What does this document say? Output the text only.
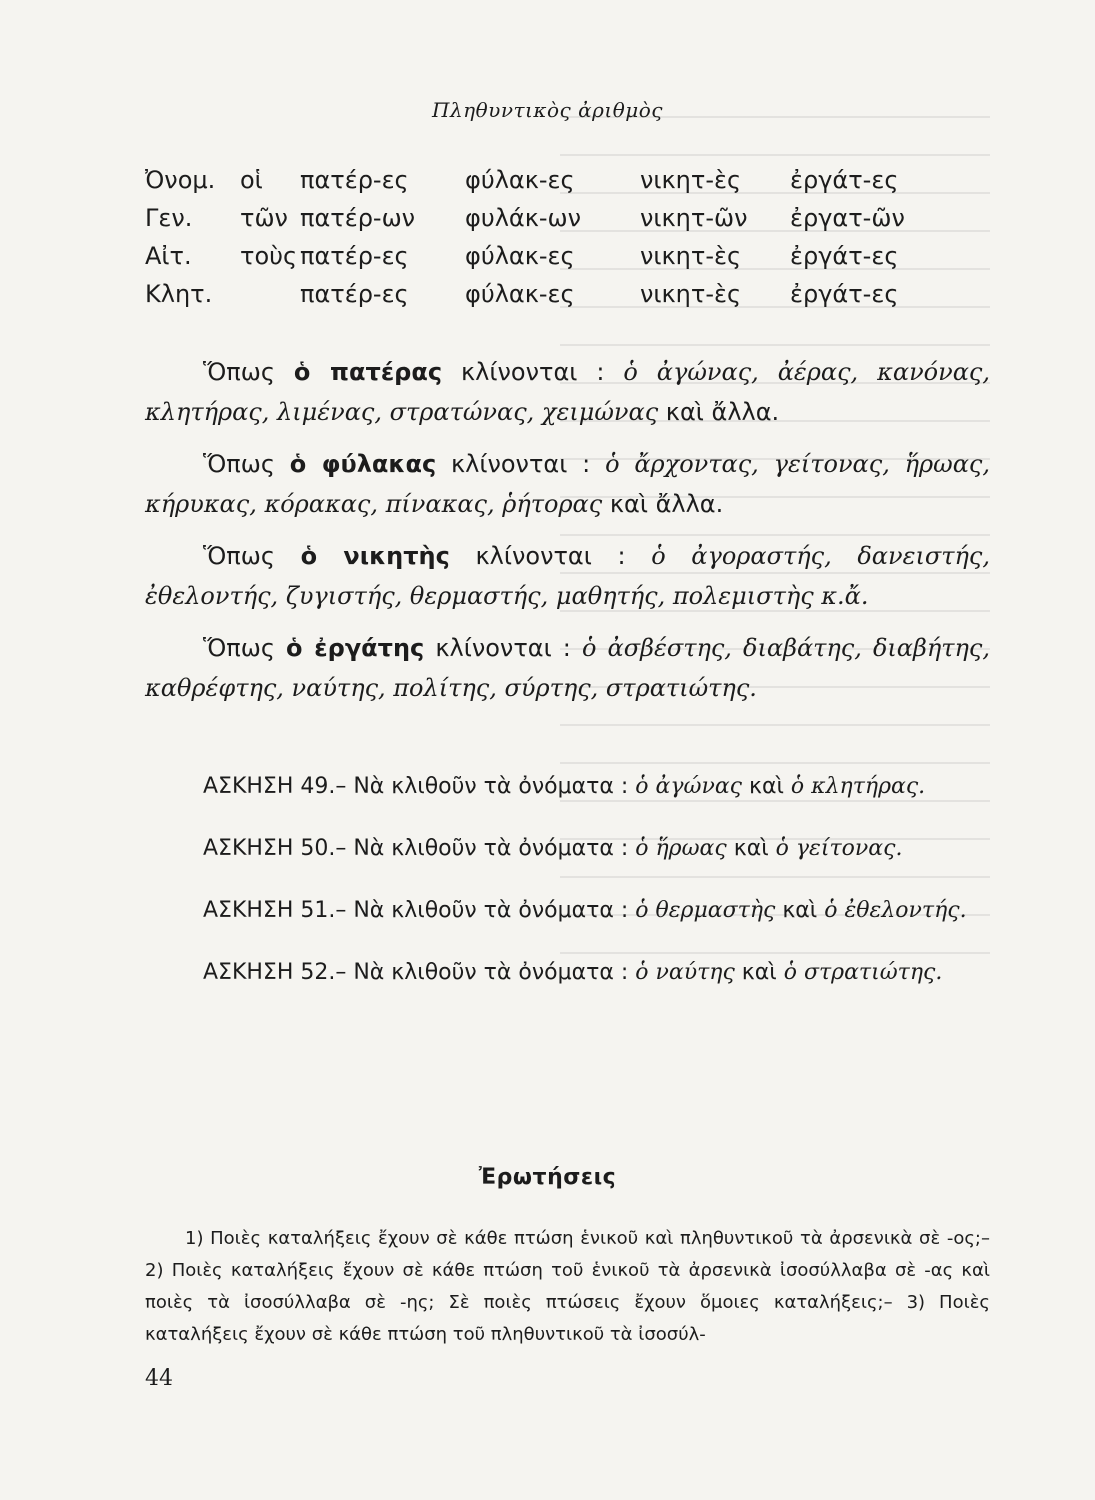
Πληθυντικὸς ἀριθμὸς
Ὀνομ.	οἱ	πατέρ-ες	φύλακ-ες	νικητ-ὲς	ἐργάτ-ες
Γεν.	τῶν	πατέρ-ων	φυλάκ-ων	νικητ-ῶν	ἐργατ-ῶν
Αἰτ.	τοὺς	πατέρ-ες	φύλακ-ες	νικητ-ὲς	ἐργάτ-ες
Κλητ.		πατέρ-ες	φύλακ-ες	νικητ-ὲς	ἐργάτ-ες

Ὅπως ὁ πατέρας κλίνονται : ὁ ἀγώνας, ἀέρας, κανόνας, κλητήρας, λιμένας, στρατώνας, χειμώνας καὶ ἄλλα.

Ὅπως ὁ φύλακας κλίνονται : ὁ ἄρχοντας, γείτονας, ἥρωας, κήρυκας, κόρακας, πίνακας, ῥήτορας καὶ ἄλλα.

Ὅπως ὁ νικητὴς κλίνονται : ὁ ἀγοραστής, δανειστής, ἐθελοντής, ζυγιστής, θερμαστής, μαθητής, πολεμιστὴς κ.ἄ.

Ὅπως ὁ ἐργάτης κλίνονται : ὁ ἀσβέστης, διαβάτης, διαβήτης, καθρέφτης, ναύτης, πολίτης, σύρτης, στρατιώτης.

ΑΣΚΗΣΗ 49.– Νὰ κλιθοῦν τὰ ὀνόματα : ὁ ἀγώνας καὶ ὁ κλητήρας.

ΑΣΚΗΣΗ 50.– Νὰ κλιθοῦν τὰ ὀνόματα : ὁ ἥρωας καὶ ὁ γείτονας.

ΑΣΚΗΣΗ 51.– Νὰ κλιθοῦν τὰ ὀνόματα : ὁ θερμαστὴς καὶ ὁ ἐθελοντής.

ΑΣΚΗΣΗ 52.– Νὰ κλιθοῦν τὰ ὀνόματα : ὁ ναύτης καὶ ὁ στρατιώτης.

Ἐρωτήσεις

1) Ποιὲς καταλήξεις ἔχουν σὲ κάθε πτώση ἑνικοῦ καὶ πληθυντικοῦ τὰ ἀρσενικὰ σὲ -ος;– 2) Ποιὲς καταλήξεις ἔχουν σὲ κάθε πτώση τοῦ ἑνικοῦ τὰ ἀρσενικὰ ἰσοσύλλαβα σὲ -ας καὶ ποιὲς τὰ ἰσοσύλλαβα σὲ -ης; Σὲ ποιὲς πτώσεις ἔχουν ὅμοιες καταλήξεις;– 3) Ποιὲς καταλήξεις ἔχουν σὲ κάθε πτώση τοῦ πληθυντικοῦ τὰ ἰσοσύλ-

44
